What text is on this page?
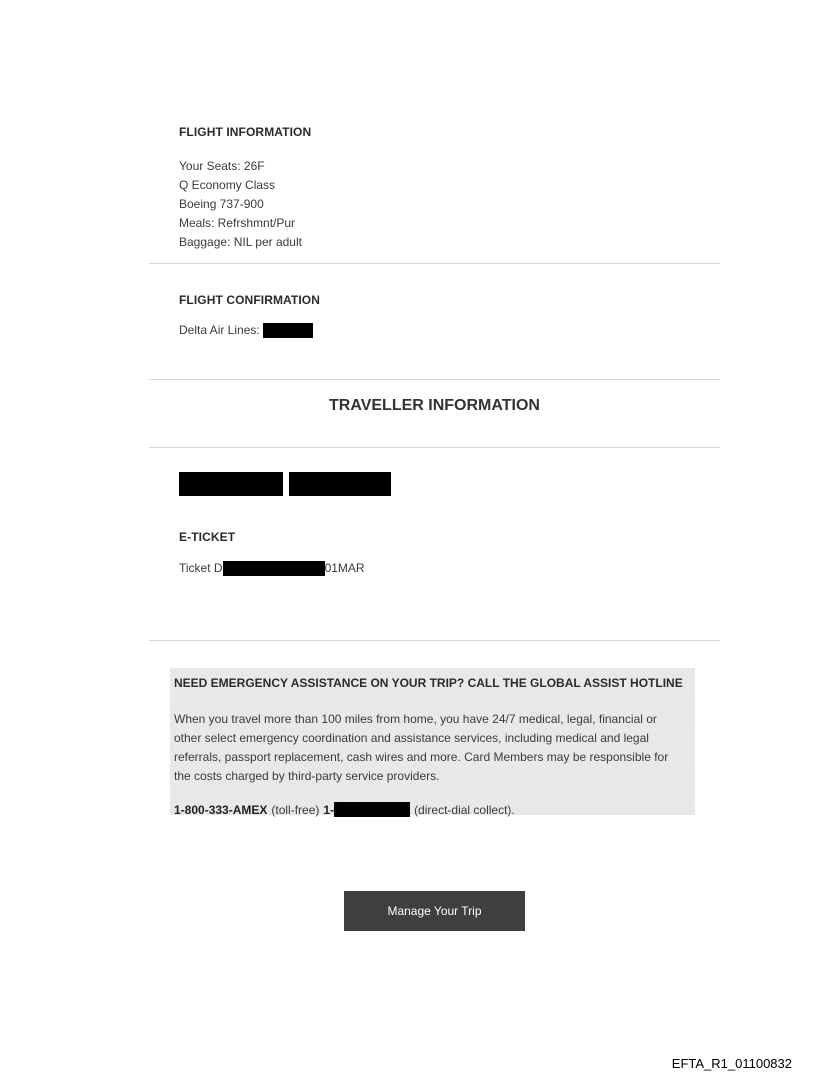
FLIGHT INFORMATION
Your Seats: 26F
Q Economy Class
Boeing 737-900
Meals: Refrshmnt/Pur
Baggage: NIL per adult
FLIGHT CONFIRMATION
Delta Air Lines:
TRAVELLER INFORMATION
E-TICKET
Ticket D	01MAR
NEED EMERGENCY ASSISTANCE ON YOUR TRIP? CALL THE GLOBAL ASSIST HOTLINE
When you travel more than 100 miles from home, you have 24/7 medical, legal, financial or other select emergency coordination and assistance services, including medical and legal referrals, passport replacement, cash wires and more. Card Members may be responsible for the costs charged by third-party service providers.
1-800-333-AMEX (toll-free) 1-	(direct-dial collect).
Manage Your Trip
EFTA_R1_01100832
